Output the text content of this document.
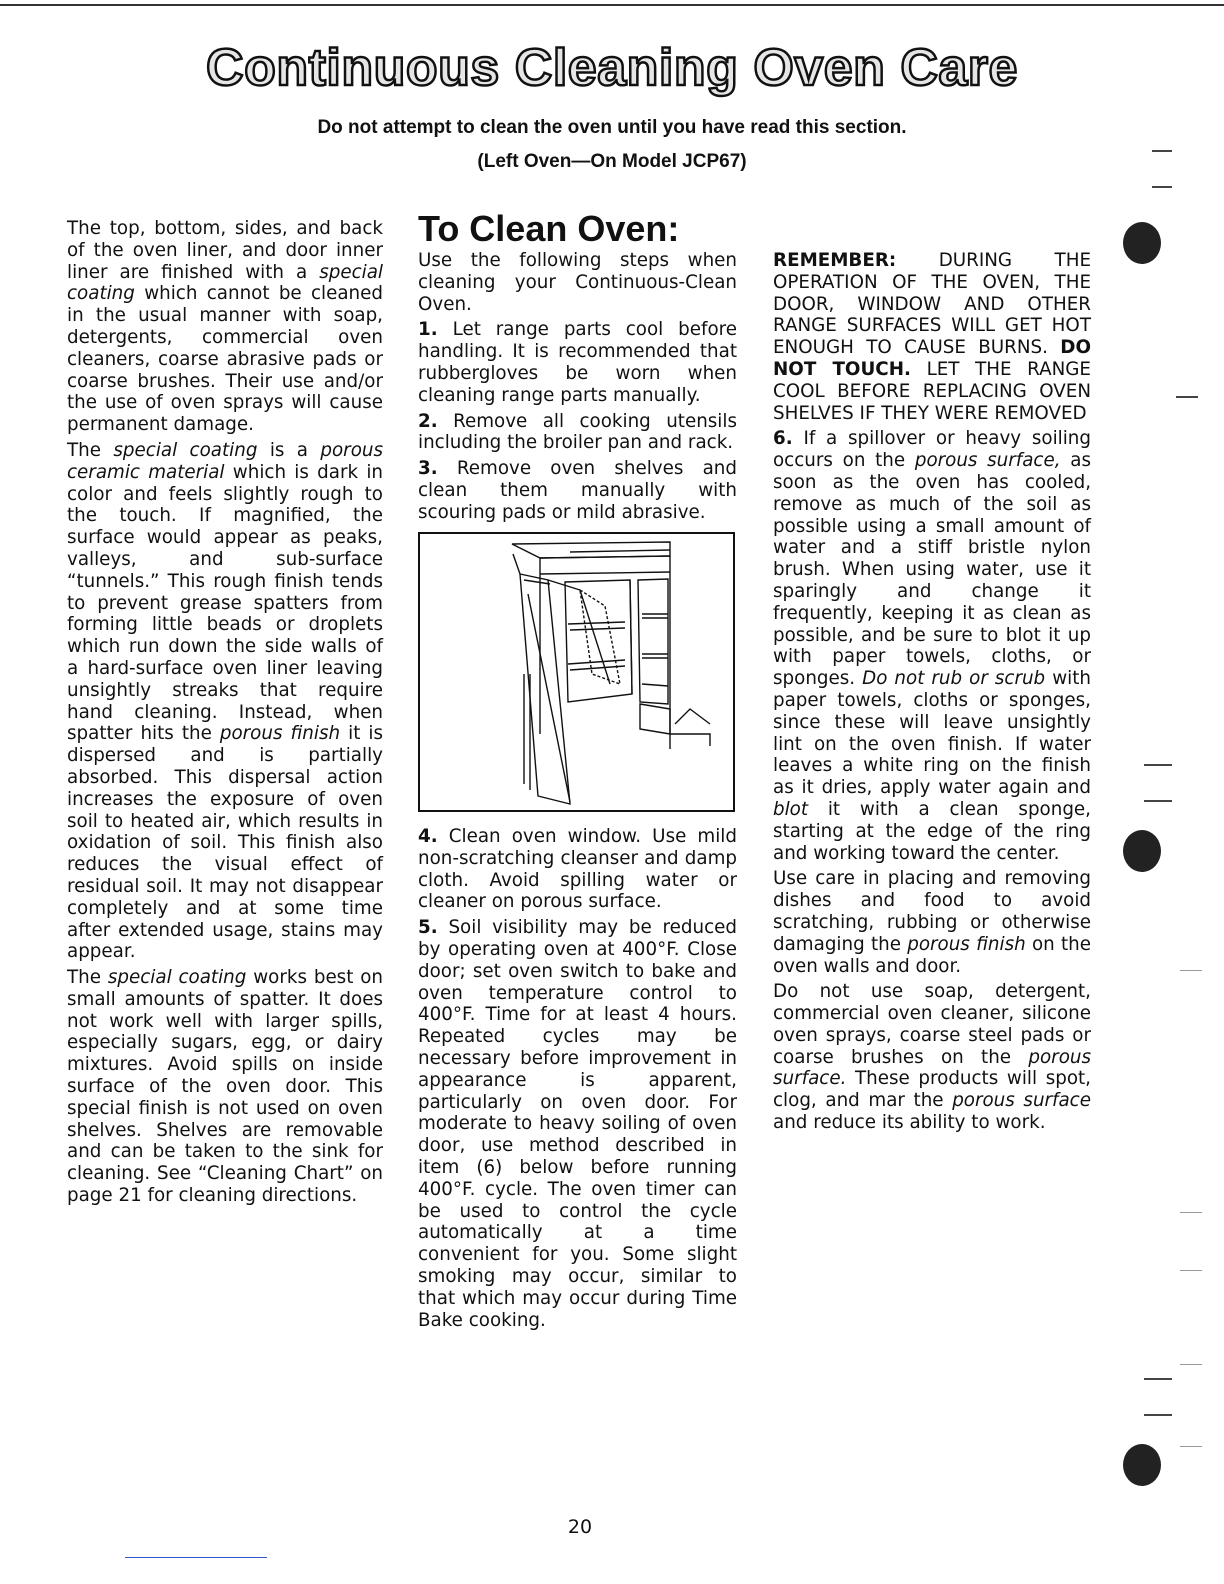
Continuous Cleaning Oven Care
Do not attempt to clean the oven until you have read this section.
(Left Oven—On Model JCP67)

The top, bottom, sides, and back of the oven liner, and door inner liner are finished with a special coating which cannot be cleaned in the usual manner with soap, detergents, commercial oven cleaners, coarse abrasive pads or coarse brushes. Their use and/or the use of oven sprays will cause permanent damage.

The special coating is a porous ceramic material which is dark in color and feels slightly rough to the touch. If magnified, the surface would appear as peaks, valleys, and sub-surface “tunnels.” This rough finish tends to prevent grease spatters from forming little beads or droplets which run down the side walls of a hard-surface oven liner leaving unsightly streaks that require hand cleaning. Instead, when spatter hits the porous finish it is dispersed and is partially absorbed. This dispersal action increases the exposure of oven soil to heated air, which results in oxidation of soil. This finish also reduces the visual effect of residual soil. It may not disappear completely and at some time after extended usage, stains may appear.

The special coating works best on small amounts of spatter. It does not work well with larger spills, especially sugars, egg, or dairy mixtures. Avoid spills on inside surface of the oven door. This special finish is not used on oven shelves. Shelves are removable and can be taken to the sink for cleaning. See “Cleaning Chart” on page 21 for cleaning directions.

To Clean Oven:

Use the following steps when cleaning your Continuous-Clean Oven.

1. Let range parts cool before handling. It is recommended that rubbergloves be worn when cleaning range parts manually.

2. Remove all cooking utensils including the broiler pan and rack.

3. Remove oven shelves and clean them manually with scouring pads or mild abrasive.

4. Clean oven window. Use mild non-scratching cleanser and damp cloth. Avoid spilling water or cleaner on porous surface.

5. Soil visibility may be reduced by operating oven at 400°F. Close door; set oven switch to bake and oven temperature control to 400°F. Time for at least 4 hours. Repeated cycles may be necessary before improvement in appearance is apparent, particularly on oven door. For moderate to heavy soiling of oven door, use method described in item (6) below before running 400°F. cycle. The oven timer can be used to control the cycle automatically at a time convenient for you. Some slight smoking may occur, similar to that which may occur during Time Bake cooking.

REMEMBER: DURING THE OPERATION OF THE OVEN, THE DOOR, WINDOW AND OTHER RANGE SURFACES WILL GET HOT ENOUGH TO CAUSE BURNS. DO NOT TOUCH. LET THE RANGE COOL BEFORE REPLACING OVEN SHELVES IF THEY WERE REMOVED

6. If a spillover or heavy soiling occurs on the porous surface, as soon as the oven has cooled, remove as much of the soil as possible using a small amount of water and a stiff bristle nylon brush. When using water, use it sparingly and change it frequently, keeping it as clean as possible, and be sure to blot it up with paper towels, cloths, or sponges. Do not rub or scrub with paper towels, cloths or sponges, since these will leave unsightly lint on the oven finish. If water leaves a white ring on the finish as it dries, apply water again and blot it with a clean sponge, starting at the edge of the ring and working toward the center.

Use care in placing and removing dishes and food to avoid scratching, rubbing or otherwise damaging the porous finish on the oven walls and door.

Do not use soap, detergent, commercial oven cleaner, silicone oven sprays, coarse steel pads or coarse brushes on the porous surface. These products will spot, clog, and mar the porous surface and reduce its ability to work.

20
